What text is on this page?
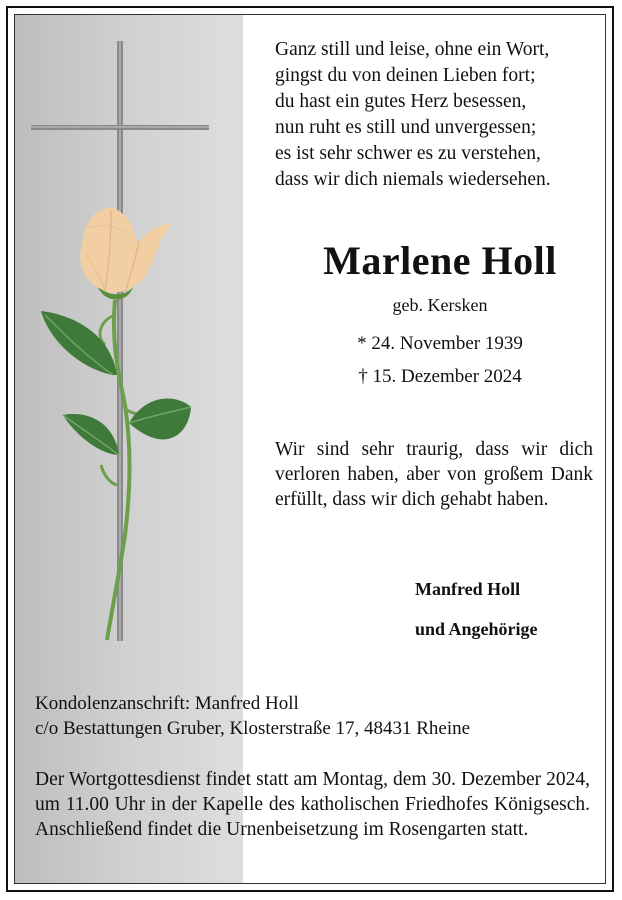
Ganz still und leise, ohne ein Wort,
gingst du von deinen Lieben fort;
du hast ein gutes Herz besessen,
nun ruht es still und unvergessen;
es ist sehr schwer es zu verstehen,
dass wir dich niemals wiedersehen.
Marlene Holl
geb. Kersken
* 24. November 1939
† 15. Dezember 2024
Wir sind sehr traurig, dass wir dich verloren haben, aber von großem Dank erfüllt, dass wir dich gehabt haben.
Manfred Holl
und Angehörige
Kondolenzanschrift: Manfred Holl
c/o Bestattungen Gruber, Klosterstraße 17, 48431 Rheine
Der Wortgottesdienst findet statt am Montag, dem 30. Dezember 2024, um 11.00 Uhr in der Kapelle des katholischen Friedhofes Königsesch. Anschließend findet die Urnenbeisetzung im Rosengarten statt.
